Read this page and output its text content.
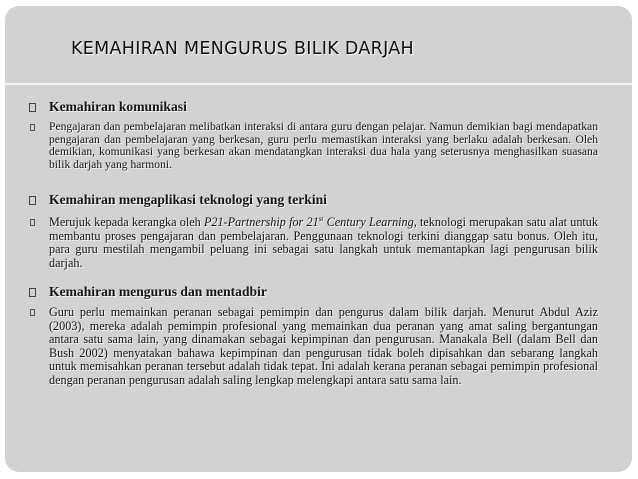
KEMAHIRAN MENGURUS BILIK DARJAH
Kemahiran komunikasi
Pengajaran dan pembelajaran melibatkan interaksi di antara guru dengan pelajar. Namun demikian bagi mendapatkan pengajaran dan pembelajaran yang berkesan, guru perlu memastikan interaksi yang berlaku adalah berkesan. Oleh demikian, komunikasi yang berkesan akan mendatangkan interaksi dua hala yang seterusnya menghasilkan suasana bilik darjah yang harmoni.
Kemahiran mengaplikasi teknologi yang terkini
Merujuk kepada kerangka oleh P21-Partnership for 21st Century Learning, teknologi merupakan satu alat untuk membantu proses pengajaran dan pembelajaran. Penggunaan teknologi terkini dianggap satu bonus. Oleh itu, para guru mestilah mengambil peluang ini sebagai satu langkah untuk memantapkan lagi pengurusan bilik darjah.
Kemahiran mengurus dan mentadbir
Guru perlu memainkan peranan sebagai pemimpin dan pengurus dalam bilik darjah. Menurut Abdul Aziz (2003), mereka adalah pemimpin profesional yang memainkan dua peranan yang amat saling bergantungan antara satu sama lain, yang dinamakan sebagai kepimpinan dan pengurusan. Manakala Bell (dalam Bell dan Bush 2002) menyatakan bahawa kepimpinan dan pengurusan tidak boleh dipisahkan dan sebarang langkah untuk memisahkan peranan tersebut adalah tidak tepat. Ini adalah kerana peranan sebagai pemimpin profesional dengan peranan pengurusan adalah saling lengkap melengkapi antara satu sama lain.
